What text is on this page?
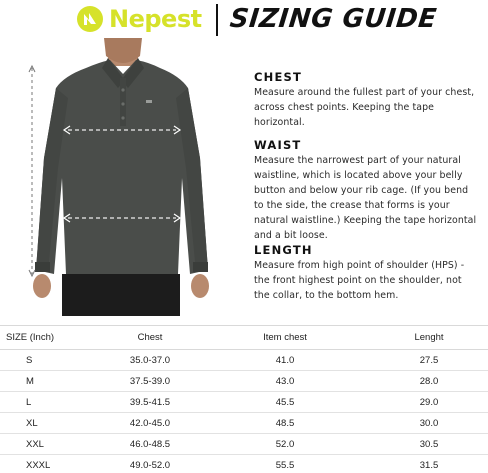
Nepest SIZING GUIDE
CHEST

Measure around the fullest part of your chest, across chest points. Keeping the tape horizontal.

WAIST

Measure the narrowest part of your natural waistline, which is located above your belly button and below your rib cage. (If you bend to the side, the crease that forms is your natural waistline.) Keeping the tape horizontal and a bit loose.

LENGTH

Measure from high point of shoulder (HPS) - the front highest point on the shoulder, not the collar, to the bottom hem.

SIZE (Inch)	Chest	Item chest	Lenght
S	35.0-37.0	41.0	27.5
M	37.5-39.0	43.0	28.0
L	39.5-41.5	45.5	29.0
XL	42.0-45.0	48.5	30.0
XXL	46.0-48.5	52.0	30.5
XXXL	49.0-52.0	55.5	31.5
